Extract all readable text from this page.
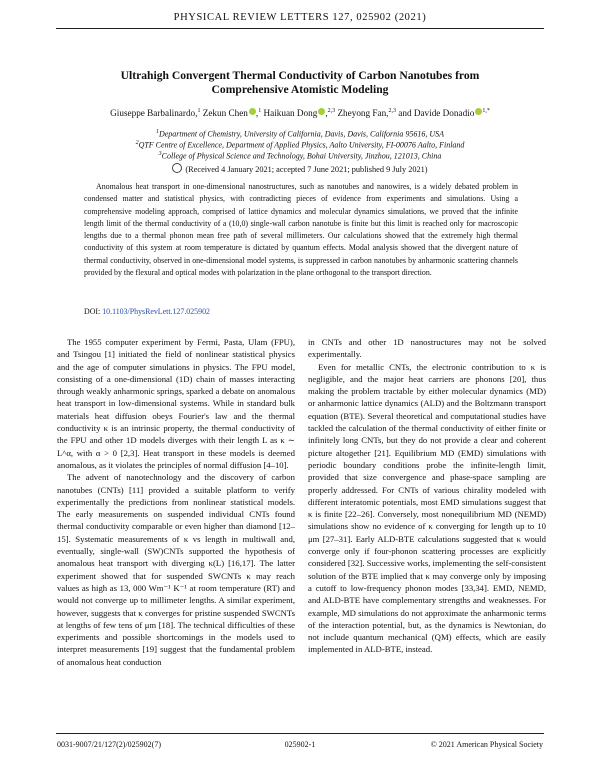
PHYSICAL REVIEW LETTERS 127, 025902 (2021)
Ultrahigh Convergent Thermal Conductivity of Carbon Nanotubes from
Comprehensive Atomistic Modeling
Giuseppe Barbalinardo,$^1$ Zekun Chen ,$^1$ Haikuan Dong ,$^{2,3}$ Zheyong Fan,$^{2,3}$ and Davide Donadio $^{1,*}$
$^1$Department of Chemistry, University of California, Davis, Davis, California 95616, USA
$^2$QTF Centre of Excellence, Department of Applied Physics, Aalto University, FI-00076 Aalto, Finland
$^3$College of Physical Science and Technology, Bohai University, Jinzhou, 121013, China
(Received 4 January 2021; accepted 7 June 2021; published 9 July 2021)
Anomalous heat transport in one-dimensional nanostructures, such as nanotubes and nanowires, is a widely debated problem in condensed matter and statistical physics, with contradicting pieces of evidence from experiments and simulations. Using a comprehensive modeling approach, comprised of lattice dynamics and molecular dynamics simulations, we proved that the infinite length limit of the thermal conductivity of a (10,0) single-wall carbon nanotube is finite but this limit is reached only for macroscopic lengths due to a thermal phonon mean free path of several millimeters. Our calculations showed that the extremely high thermal conductivity of this system at room temperature is dictated by quantum effects. Modal analysis showed that the divergent nature of thermal conductivity, observed in one-dimensional model systems, is suppressed in carbon nanotubes by anharmonic scattering channels provided by the flexural and optical modes with polarization in the plane orthogonal to the transport direction.
DOI: 10.1103/PhysRevLett.127.025902

The 1955 computer experiment by Fermi, Pasta, Ulam (FPU), and Tsingou [1] initiated the field of nonlinear statistical physics and the age of computer simulations in physics. The FPU model, consisting of a one-dimensional (1D) chain of masses interacting through weakly anharmonic springs, sparked a debate on anomalous heat transport in low-dimensional systems. While in standard bulk materials heat diffusion obeys Fourier's law and the thermal conductivity κ is an intrinsic property, the thermal conductivity of the FPU and other 1D models diverges with their length L as κ ∼ L^α, with α > 0 [2,3]. Heat transport in these models is deemed anomalous, as it violates the principles of normal diffusion [4–10].

The advent of nanotechnology and the discovery of carbon nanotubes (CNTs) [11] provided a suitable platform to verify experimentally the predictions from nonlinear statistical models. The early measurements on suspended individual CNTs found thermal conductivity comparable or even higher than diamond [12–15]. Systematic measurements of κ vs length in multiwall and, eventually, single-wall (SW)CNTs supported the hypothesis of anomalous heat transport with diverging κ(L) [16,17]. The latter experiment showed that for suspended SWCNTs κ may reach values as high as 13, 000 Wm⁻¹ K⁻¹ at room temperature (RT) and would not converge up to millimeter lengths. A similar experiment, however, suggests that κ converges for pristine suspended SWCNTs at lengths of few tens of μm [18]. The technical difficulties of these experiments and possible shortcomings in the models used to interpret measurements [19] suggest that the fundamental problem of anomalous heat conduction

in CNTs and other 1D nanostructures may not be solved experimentally.

Even for metallic CNTs, the electronic contribution to κ is negligible, and the major heat carriers are phonons [20], thus making the problem tractable by either molecular dynamics (MD) or anharmonic lattice dynamics (ALD) and the Boltzmann transport equation (BTE). Several theoretical and computational studies have tackled the calculation of the thermal conductivity of either finite or infinitely long CNTs, but they do not provide a clear and coherent picture altogether [21]. Equilibrium MD (EMD) simulations with periodic boundary conditions probe the infinite-length limit, provided that size convergence and phase-space sampling are properly addressed. For CNTs of various chirality modeled with different interatomic potentials, most EMD simulations suggest that κ is finite [22–26]. Conversely, most nonequilibrium MD (NEMD) simulations show no evidence of κ converging for length up to 10 μm [27–31]. Early ALD-BTE calculations suggested that κ would converge only if four-phonon scattering processes are explicitly considered [32]. Successive works, implementing the self-consistent solution of the BTE implied that κ may converge only by imposing a cutoff to low-frequency phonon modes [33,34]. EMD, NEMD, and ALD-BTE have complementary strengths and weaknesses. For example, MD simulations do not approximate the anharmonic terms of the interaction potential, but, as the dynamics is Newtonian, do not include quantum mechanical (QM) effects, which are easily implemented in ALD-BTE, instead.

0031-9007/21/127(2)/025902(7)	025902-1	© 2021 American Physical Society
